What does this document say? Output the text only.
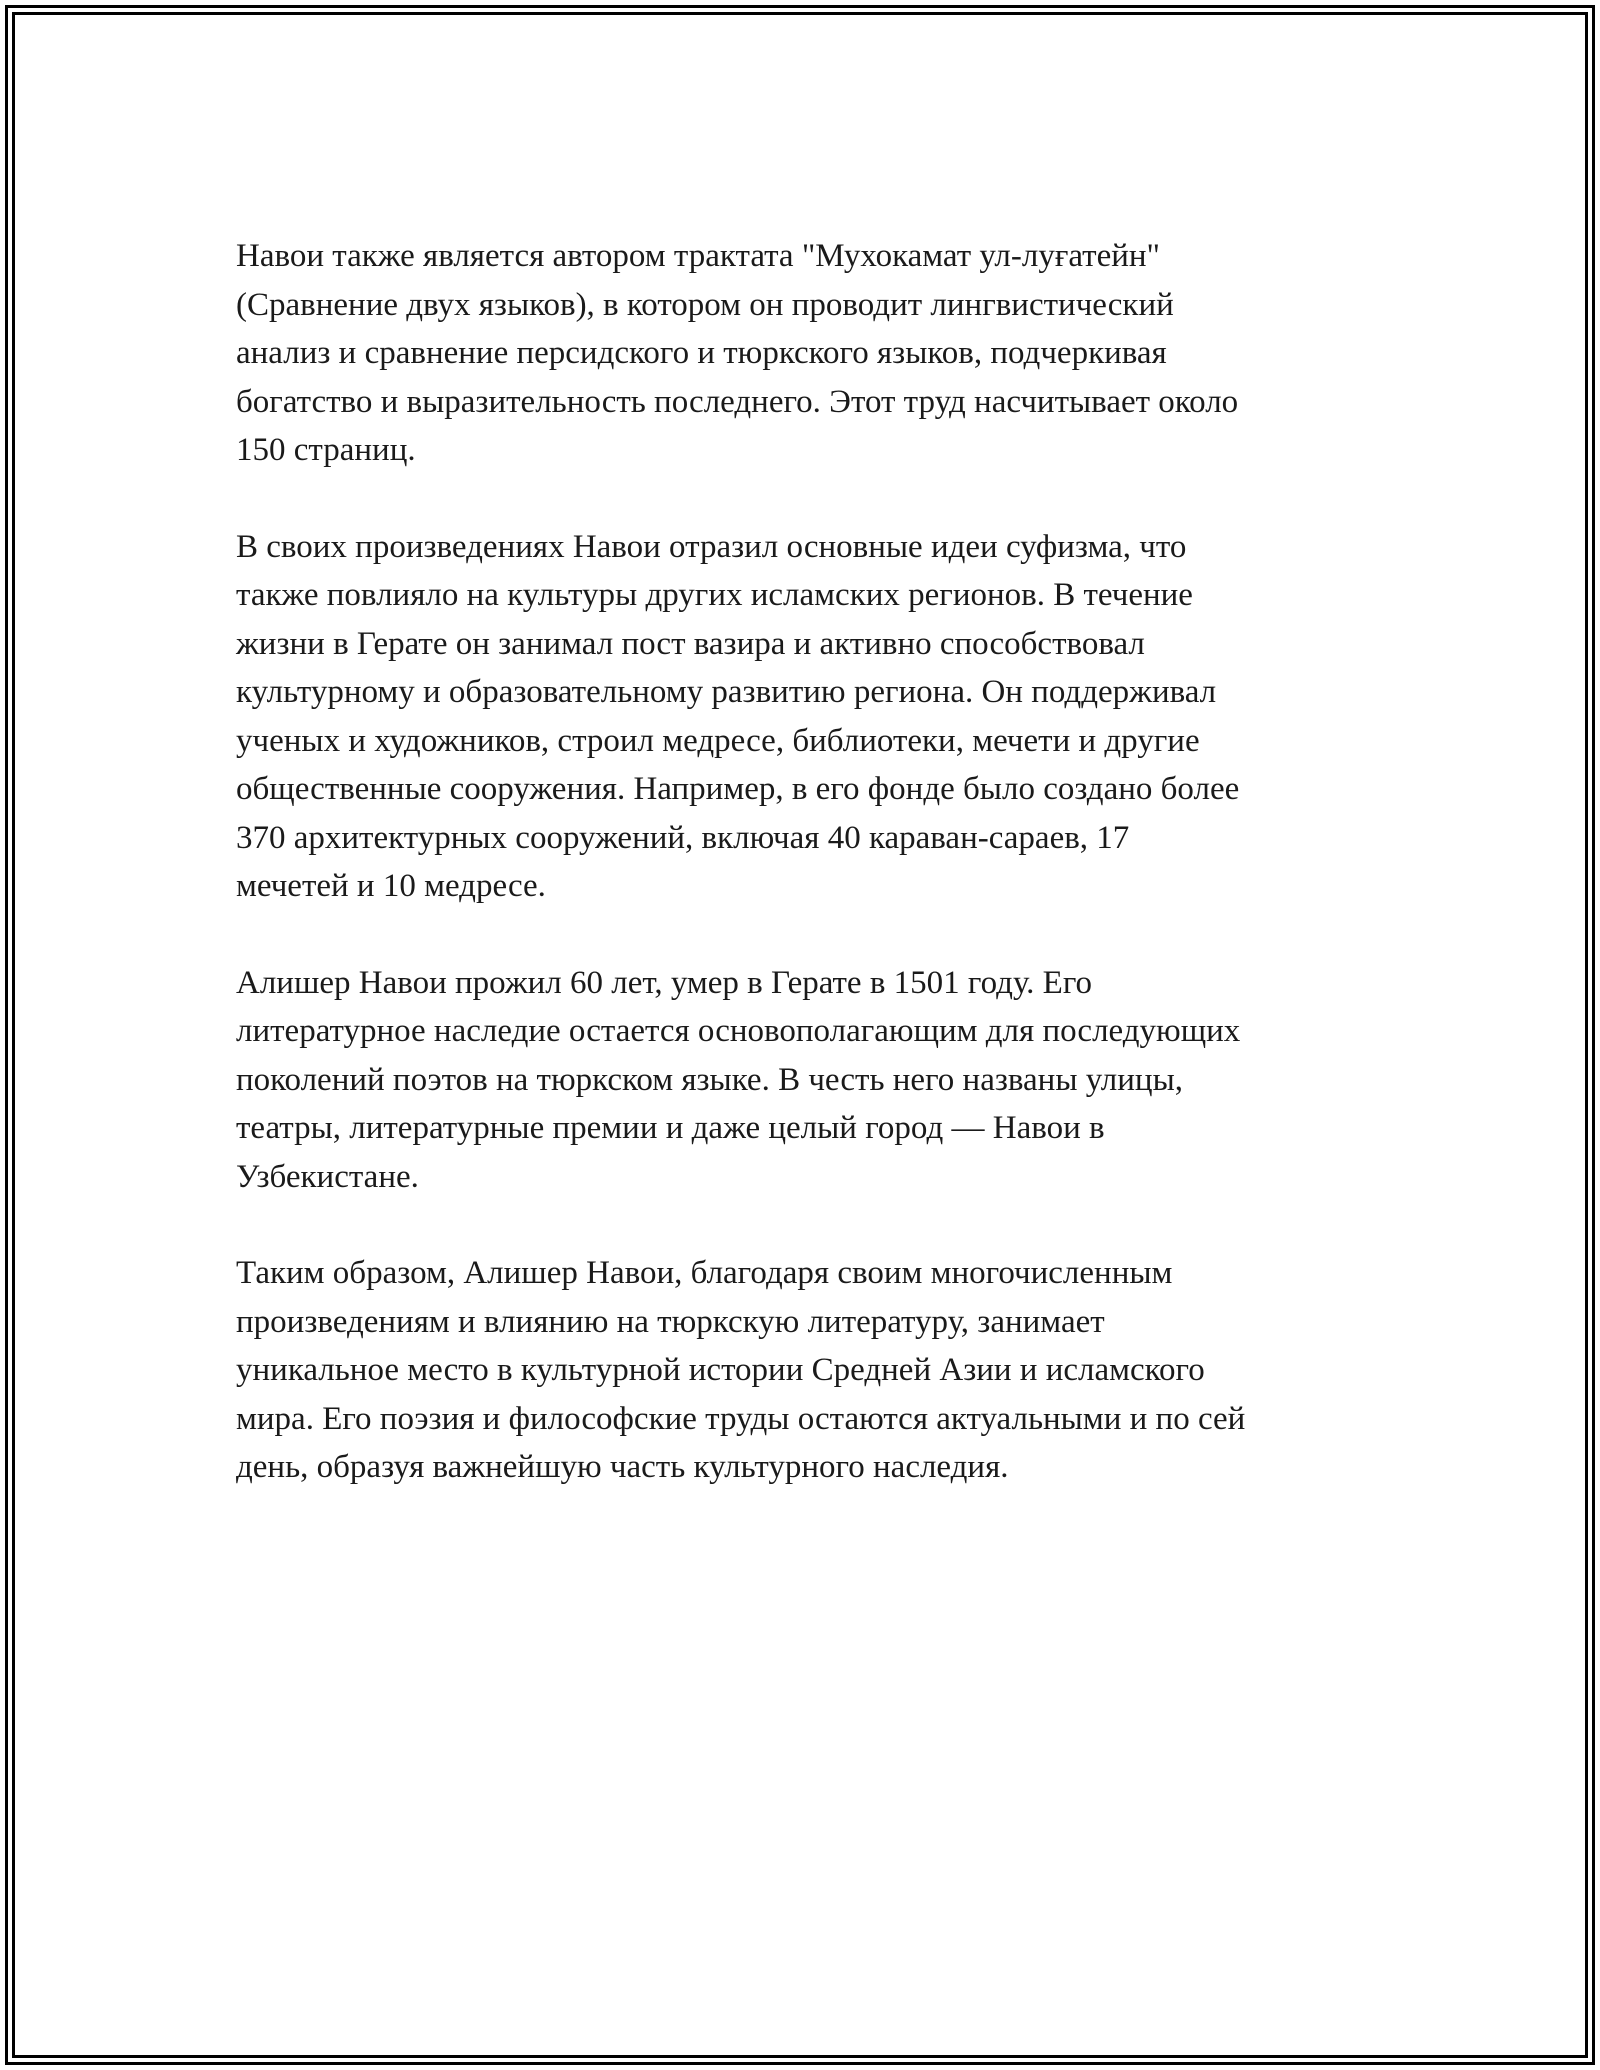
Навои также является автором трактата "Мухокамат ул-луғатейн"
(Сравнение двух языков), в котором он проводит лингвистический
анализ и сравнение персидского и тюркского языков, подчеркивая
богатство и выразительность последнего. Этот труд насчитывает около
150 страниц.

В своих произведениях Навои отразил основные идеи суфизма, что
также повлияло на культуры других исламских регионов. В течение
жизни в Герате он занимал пост вазира и активно способствовал
культурному и образовательному развитию региона. Он поддерживал
ученых и художников, строил медресе, библиотеки, мечети и другие
общественные сооружения. Например, в его фонде было создано более
370 архитектурных сооружений, включая 40 караван-сараев, 17
мечетей и 10 медресе.

Алишер Навои прожил 60 лет, умер в Герате в 1501 году. Его
литературное наследие остается основополагающим для последующих
поколений поэтов на тюркском языке. В честь него названы улицы,
театры, литературные премии и даже целый город — Навои в
Узбекистане.

Таким образом, Алишер Навои, благодаря своим многочисленным
произведениям и влиянию на тюркскую литературу, занимает
уникальное место в культурной истории Средней Азии и исламского
мира. Его поэзия и философские труды остаются актуальными и по сей
день, образуя важнейшую часть культурного наследия.
